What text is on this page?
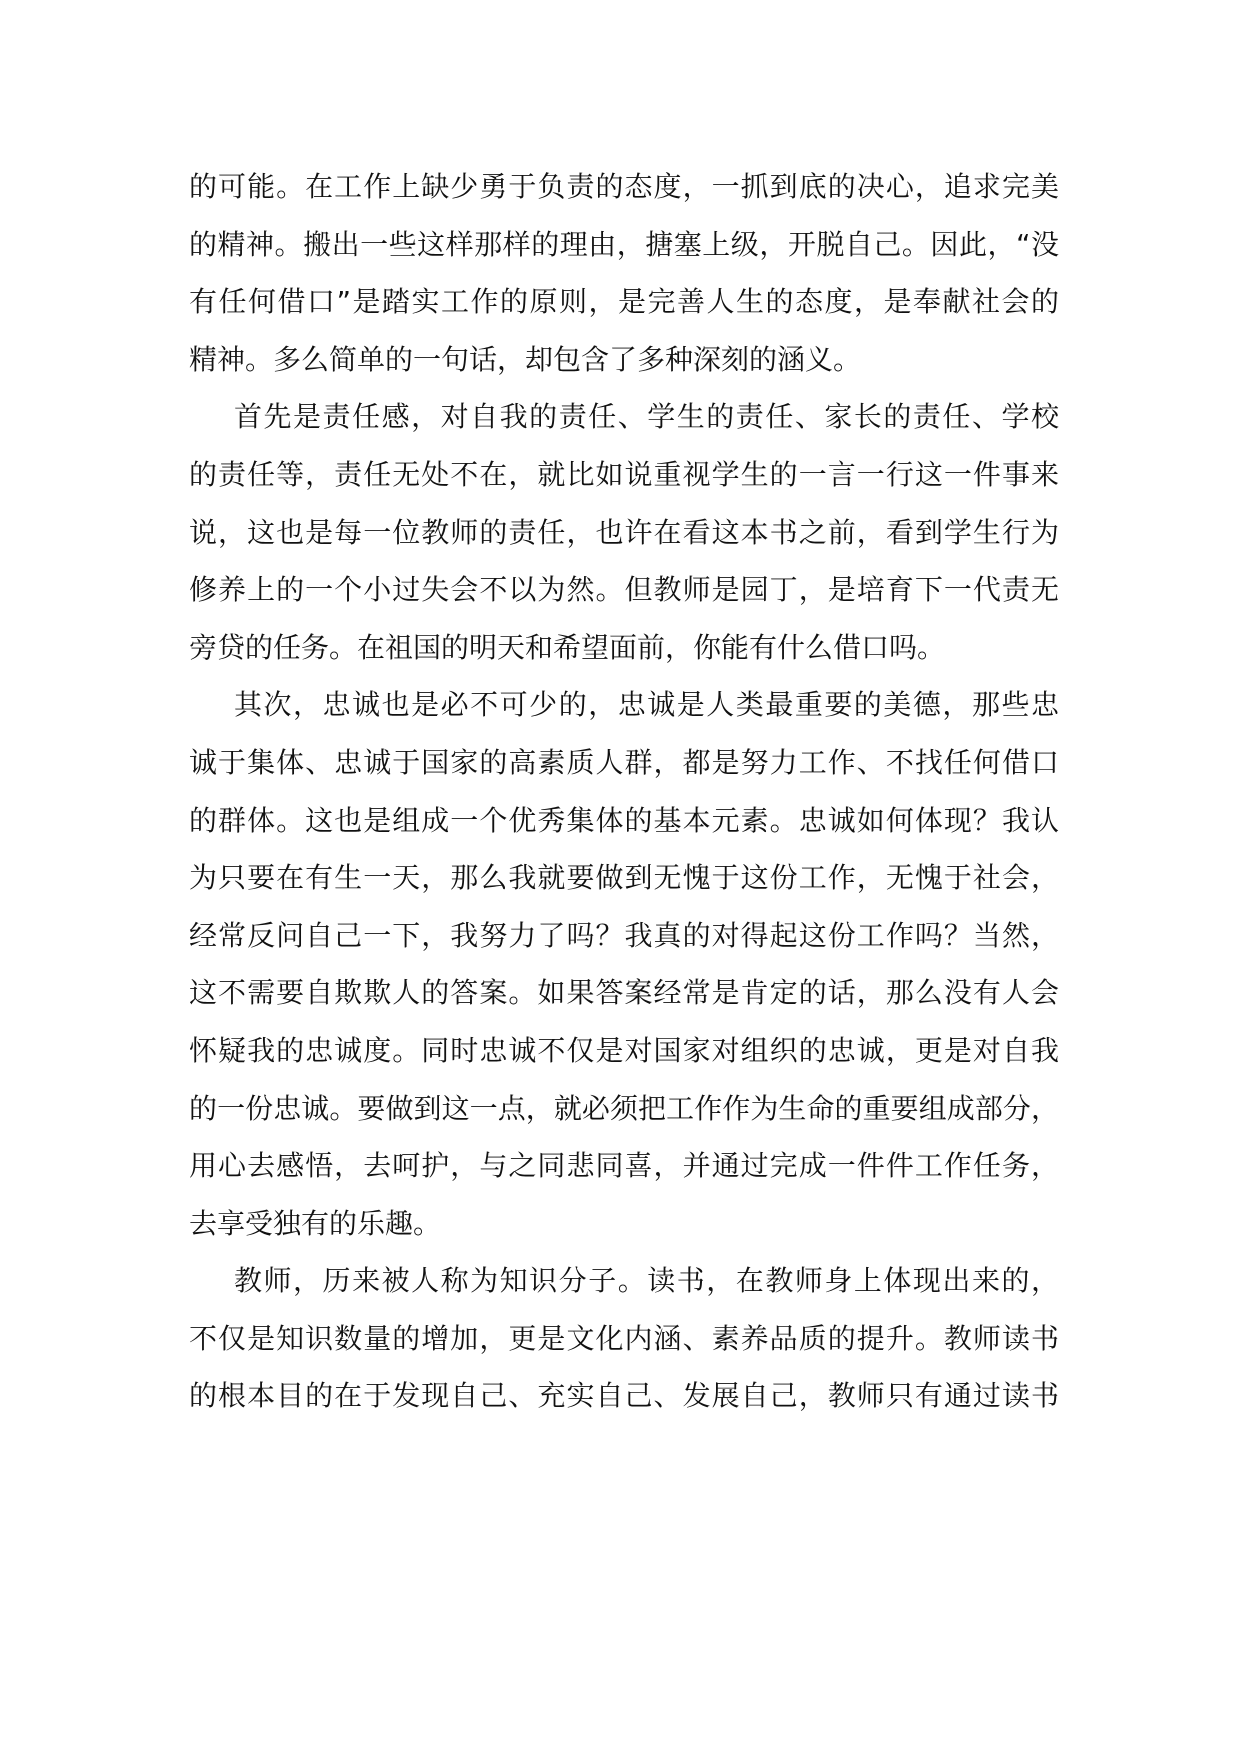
的可能。在工作上缺少勇于负责的态度，一抓到底的决心，追求完美
的精神。搬出一些这样那样的理由，搪塞上级，开脱自己。因此，“没
有任何借口”是踏实工作的原则，是完善人生的态度，是奉献社会的
精神。多么简单的一句话，却包含了多种深刻的涵义。
首先是责任感，对自我的责任、学生的责任、家长的责任、学校
的责任等，责任无处不在，就比如说重视学生的一言一行这一件事来
说，这也是每一位教师的责任，也许在看这本书之前，看到学生行为
修养上的一个小过失会不以为然。但教师是园丁，是培育下一代责无
旁贷的任务。在祖国的明天和希望面前，你能有什么借口吗。
其次，忠诚也是必不可少的，忠诚是人类最重要的美德，那些忠
诚于集体、忠诚于国家的高素质人群，都是努力工作、不找任何借口
的群体。这也是组成一个优秀集体的基本元素。忠诚如何体现？我认
为只要在有生一天，那么我就要做到无愧于这份工作，无愧于社会，
经常反问自己一下，我努力了吗？我真的对得起这份工作吗？当然，
这不需要自欺欺人的答案。如果答案经常是肯定的话，那么没有人会
怀疑我的忠诚度。同时忠诚不仅是对国家对组织的忠诚，更是对自我
的一份忠诚。要做到这一点，就必须把工作作为生命的重要组成部分，
用心去感悟，去呵护，与之同悲同喜，并通过完成一件件工作任务，
去享受独有的乐趣。
教师，历来被人称为知识分子。读书，在教师身上体现出来的，
不仅是知识数量的增加，更是文化内涵、素养品质的提升。教师读书
的根本目的在于发现自己、充实自己、发展自己，教师只有通过读书
